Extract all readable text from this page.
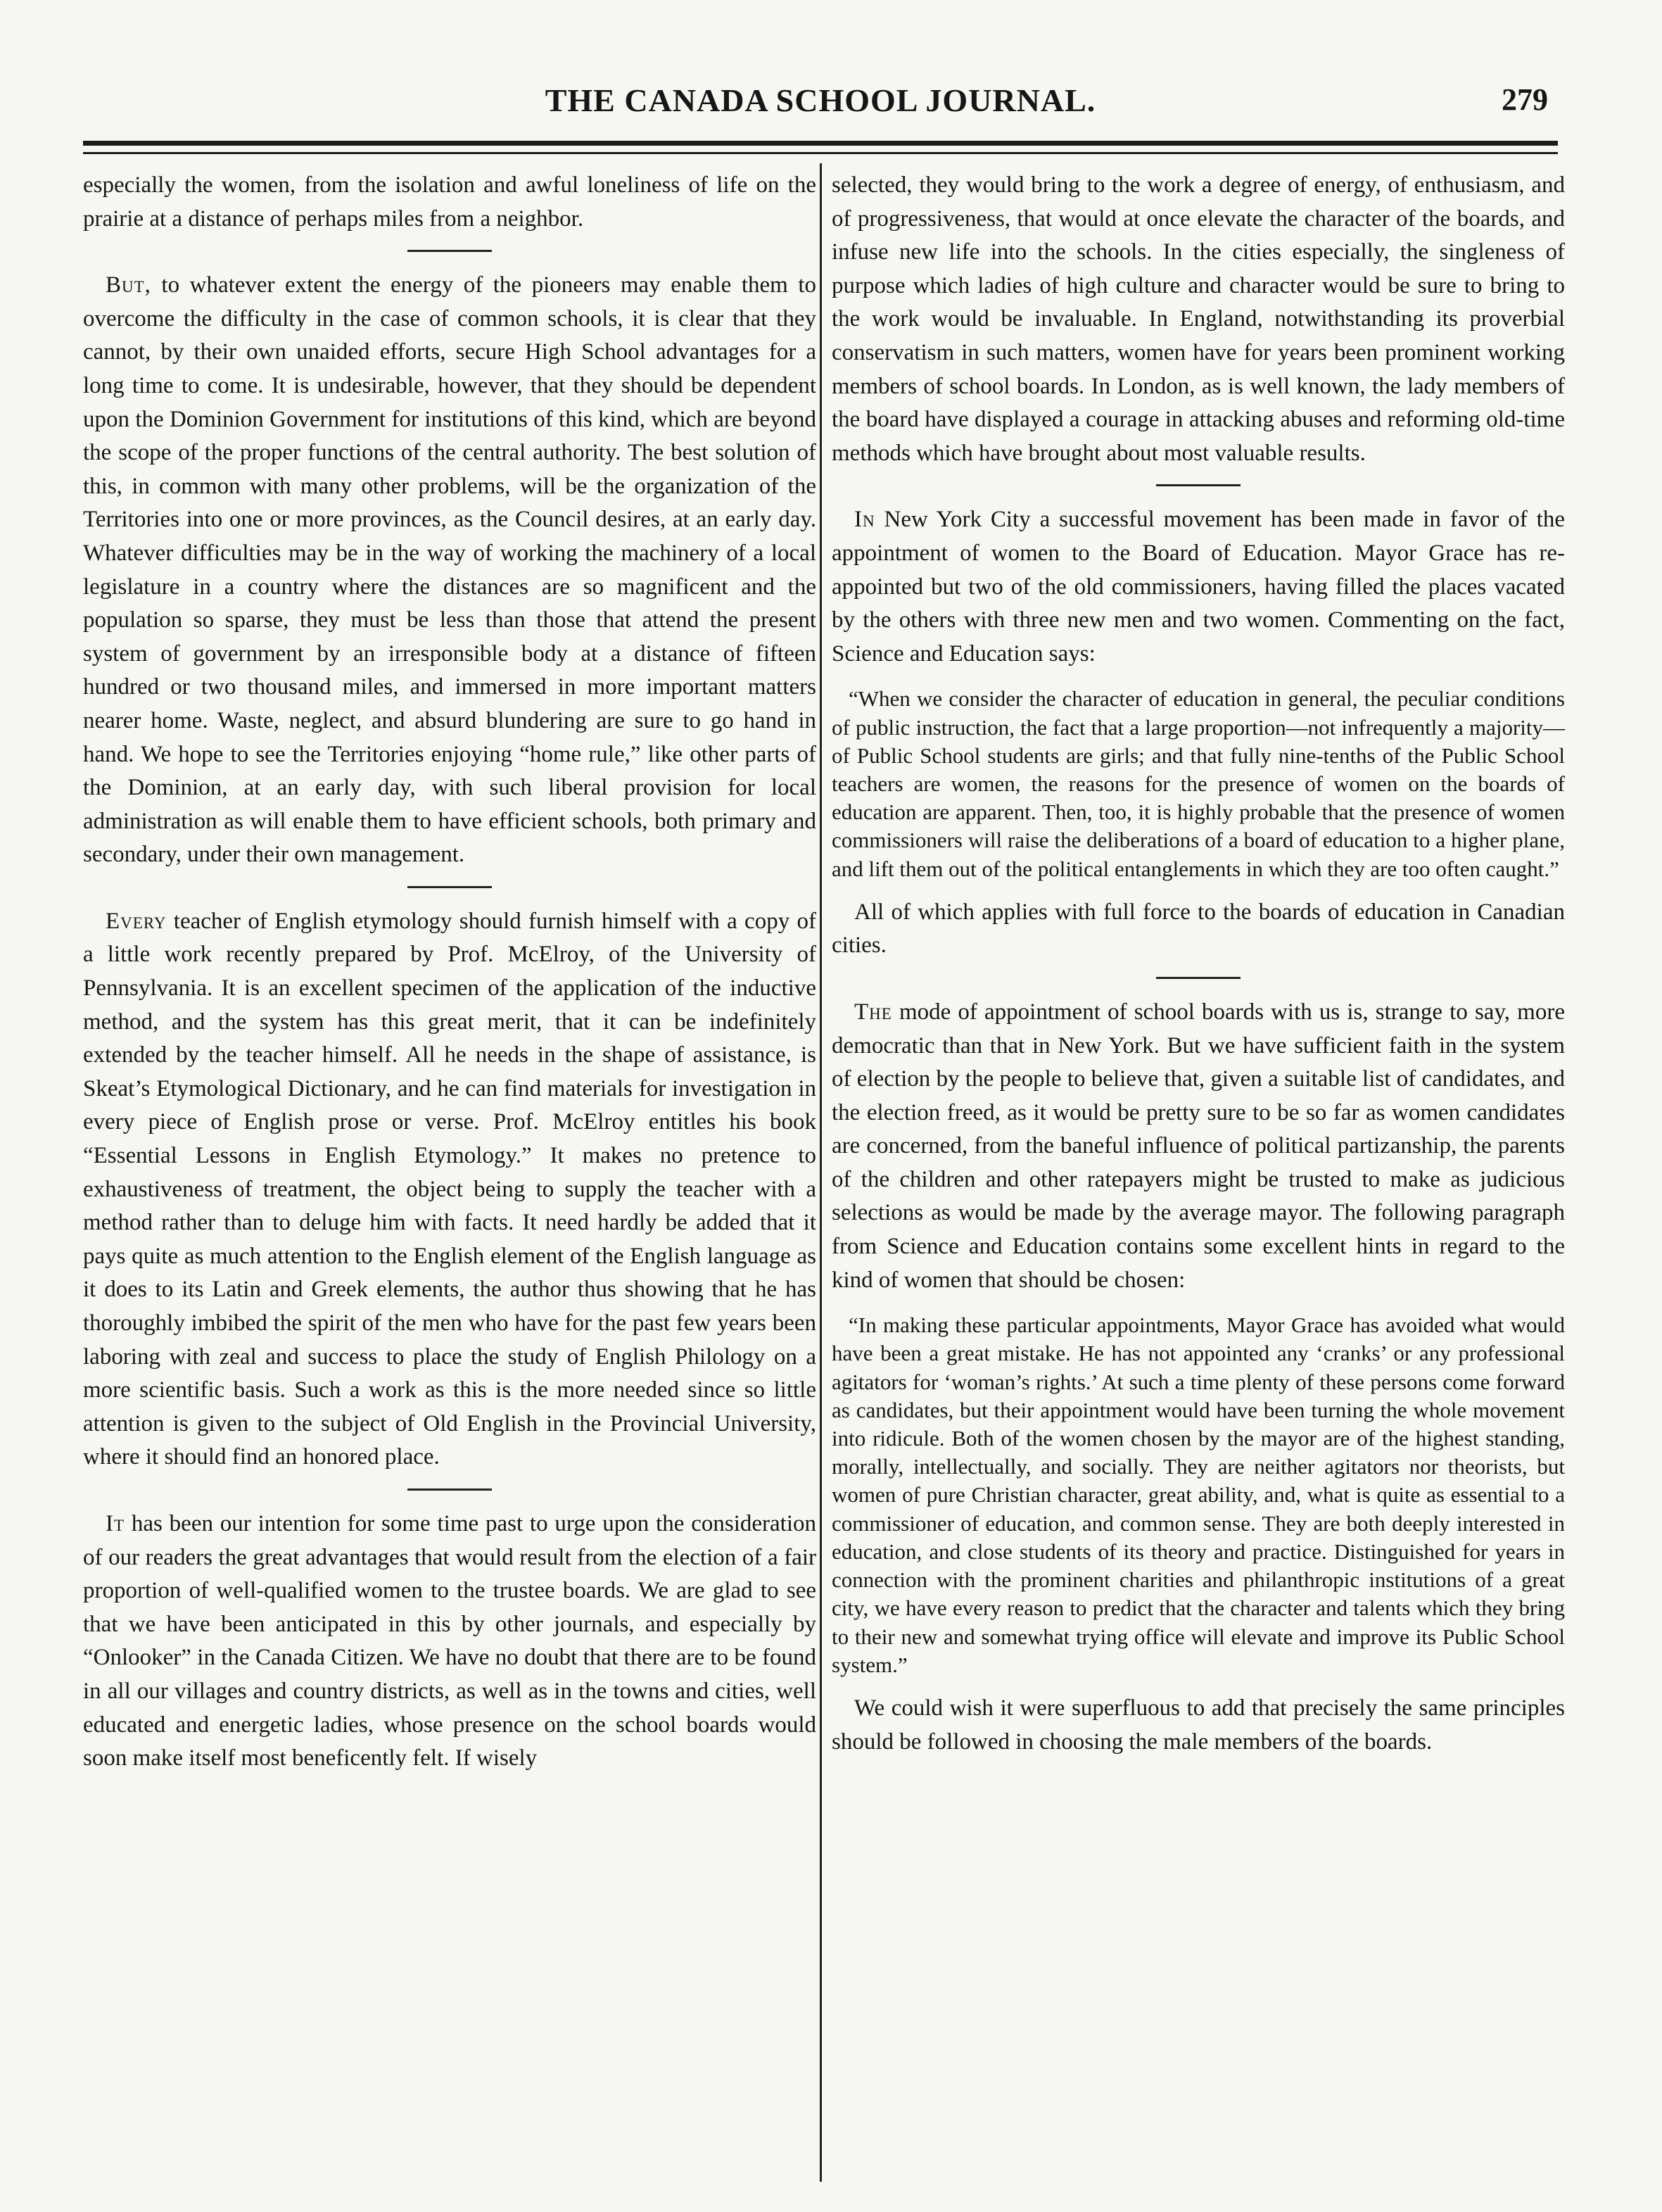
THE CANADA SCHOOL JOURNAL.	279

especially the women, from the isolation and awful loneliness of life on the prairie at a distance of perhaps miles from a neighbor.

But, to whatever extent the energy of the pioneers may enable them to overcome the difficulty in the case of common schools, it is clear that they cannot, by their own unaided efforts, secure High School advantages for a long time to come. It is undesirable, however, that they should be dependent upon the Dominion Government for institutions of this kind, which are beyond the scope of the proper functions of the central authority. The best solution of this, in common with many other problems, will be the organization of the Territories into one or more provinces, as the Council desires, at an early day. Whatever difficulties may be in the way of working the machinery of a local legislature in a country where the distances are so magnificent and the population so sparse, they must be less than those that attend the present system of government by an irresponsible body at a distance of fifteen hundred or two thousand miles, and immersed in more important matters nearer home. Waste, neglect, and absurd blundering are sure to go hand in hand. We hope to see the Territories enjoying “home rule,” like other parts of the Dominion, at an early day, with such liberal provision for local administration as will enable them to have efficient schools, both primary and secondary, under their own management.

Every teacher of English etymology should furnish himself with a copy of a little work recently prepared by Prof. McElroy, of the University of Pennsylvania. It is an excellent specimen of the application of the inductive method, and the system has this great merit, that it can be indefinitely extended by the teacher himself. All he needs in the shape of assistance, is Skeat’s Etymological Dictionary, and he can find materials for investigation in every piece of English prose or verse. Prof. McElroy entitles his book “Essential Lessons in English Etymology.” It makes no pretence to exhaustiveness of treatment, the object being to supply the teacher with a method rather than to deluge him with facts. It need hardly be added that it pays quite as much attention to the English element of the English language as it does to its Latin and Greek elements, the author thus showing that he has thoroughly imbibed the spirit of the men who have for the past few years been laboring with zeal and success to place the study of English Philology on a more scientific basis. Such a work as this is the more needed since so little attention is given to the subject of Old English in the Provincial University, where it should find an honored place.

It has been our intention for some time past to urge upon the consideration of our readers the great advantages that would result from the election of a fair proportion of well-qualified women to the trustee boards. We are glad to see that we have been anticipated in this by other journals, and especially by “Onlooker” in the Canada Citizen. We have no doubt that there are to be found in all our villages and country districts, as well as in the towns and cities, well educated and energetic ladies, whose presence on the school boards would soon make itself most beneficently felt. If wisely

selected, they would bring to the work a degree of energy, of enthusiasm, and of progressiveness, that would at once elevate the character of the boards, and infuse new life into the schools. In the cities especially, the singleness of purpose which ladies of high culture and character would be sure to bring to the work would be invaluable. In England, notwithstanding its proverbial conservatism in such matters, women have for years been prominent working members of school boards. In London, as is well known, the lady members of the board have displayed a courage in attacking abuses and reforming old-time methods which have brought about most valuable results.

In New York City a successful movement has been made in favor of the appointment of women to the Board of Education. Mayor Grace has re-appointed but two of the old commissioners, having filled the places vacated by the others with three new men and two women. Commenting on the fact, Science and Education says:

“When we consider the character of education in general, the peculiar conditions of public instruction, the fact that a large proportion—not infrequently a majority—of Public School students are girls; and that fully nine-tenths of the Public School teachers are women, the reasons for the presence of women on the boards of education are apparent. Then, too, it is highly probable that the presence of women commissioners will raise the deliberations of a board of education to a higher plane, and lift them out of the political entanglements in which they are too often caught.”

All of which applies with full force to the boards of education in Canadian cities.

The mode of appointment of school boards with us is, strange to say, more democratic than that in New York. But we have sufficient faith in the system of election by the people to believe that, given a suitable list of candidates, and the election freed, as it would be pretty sure to be so far as women candidates are concerned, from the baneful influence of political partizanship, the parents of the children and other ratepayers might be trusted to make as judicious selections as would be made by the average mayor. The following paragraph from Science and Education contains some excellent hints in regard to the kind of women that should be chosen:

“In making these particular appointments, Mayor Grace has avoided what would have been a great mistake. He has not appointed any ‘cranks’ or any professional agitators for ‘woman’s rights.’ At such a time plenty of these persons come forward as candidates, but their appointment would have been turning the whole movement into ridicule. Both of the women chosen by the mayor are of the highest standing, morally, intellectually, and socially. They are neither agitators nor theorists, but women of pure Christian character, great ability, and, what is quite as essential to a commissioner of education, and common sense. They are both deeply interested in education, and close students of its theory and practice. Distinguished for years in connection with the prominent charities and philanthropic institutions of a great city, we have every reason to predict that the character and talents which they bring to their new and somewhat trying office will elevate and improve its Public School system.”

We could wish it were superfluous to add that precisely the same principles should be followed in choosing the male members of the boards.
